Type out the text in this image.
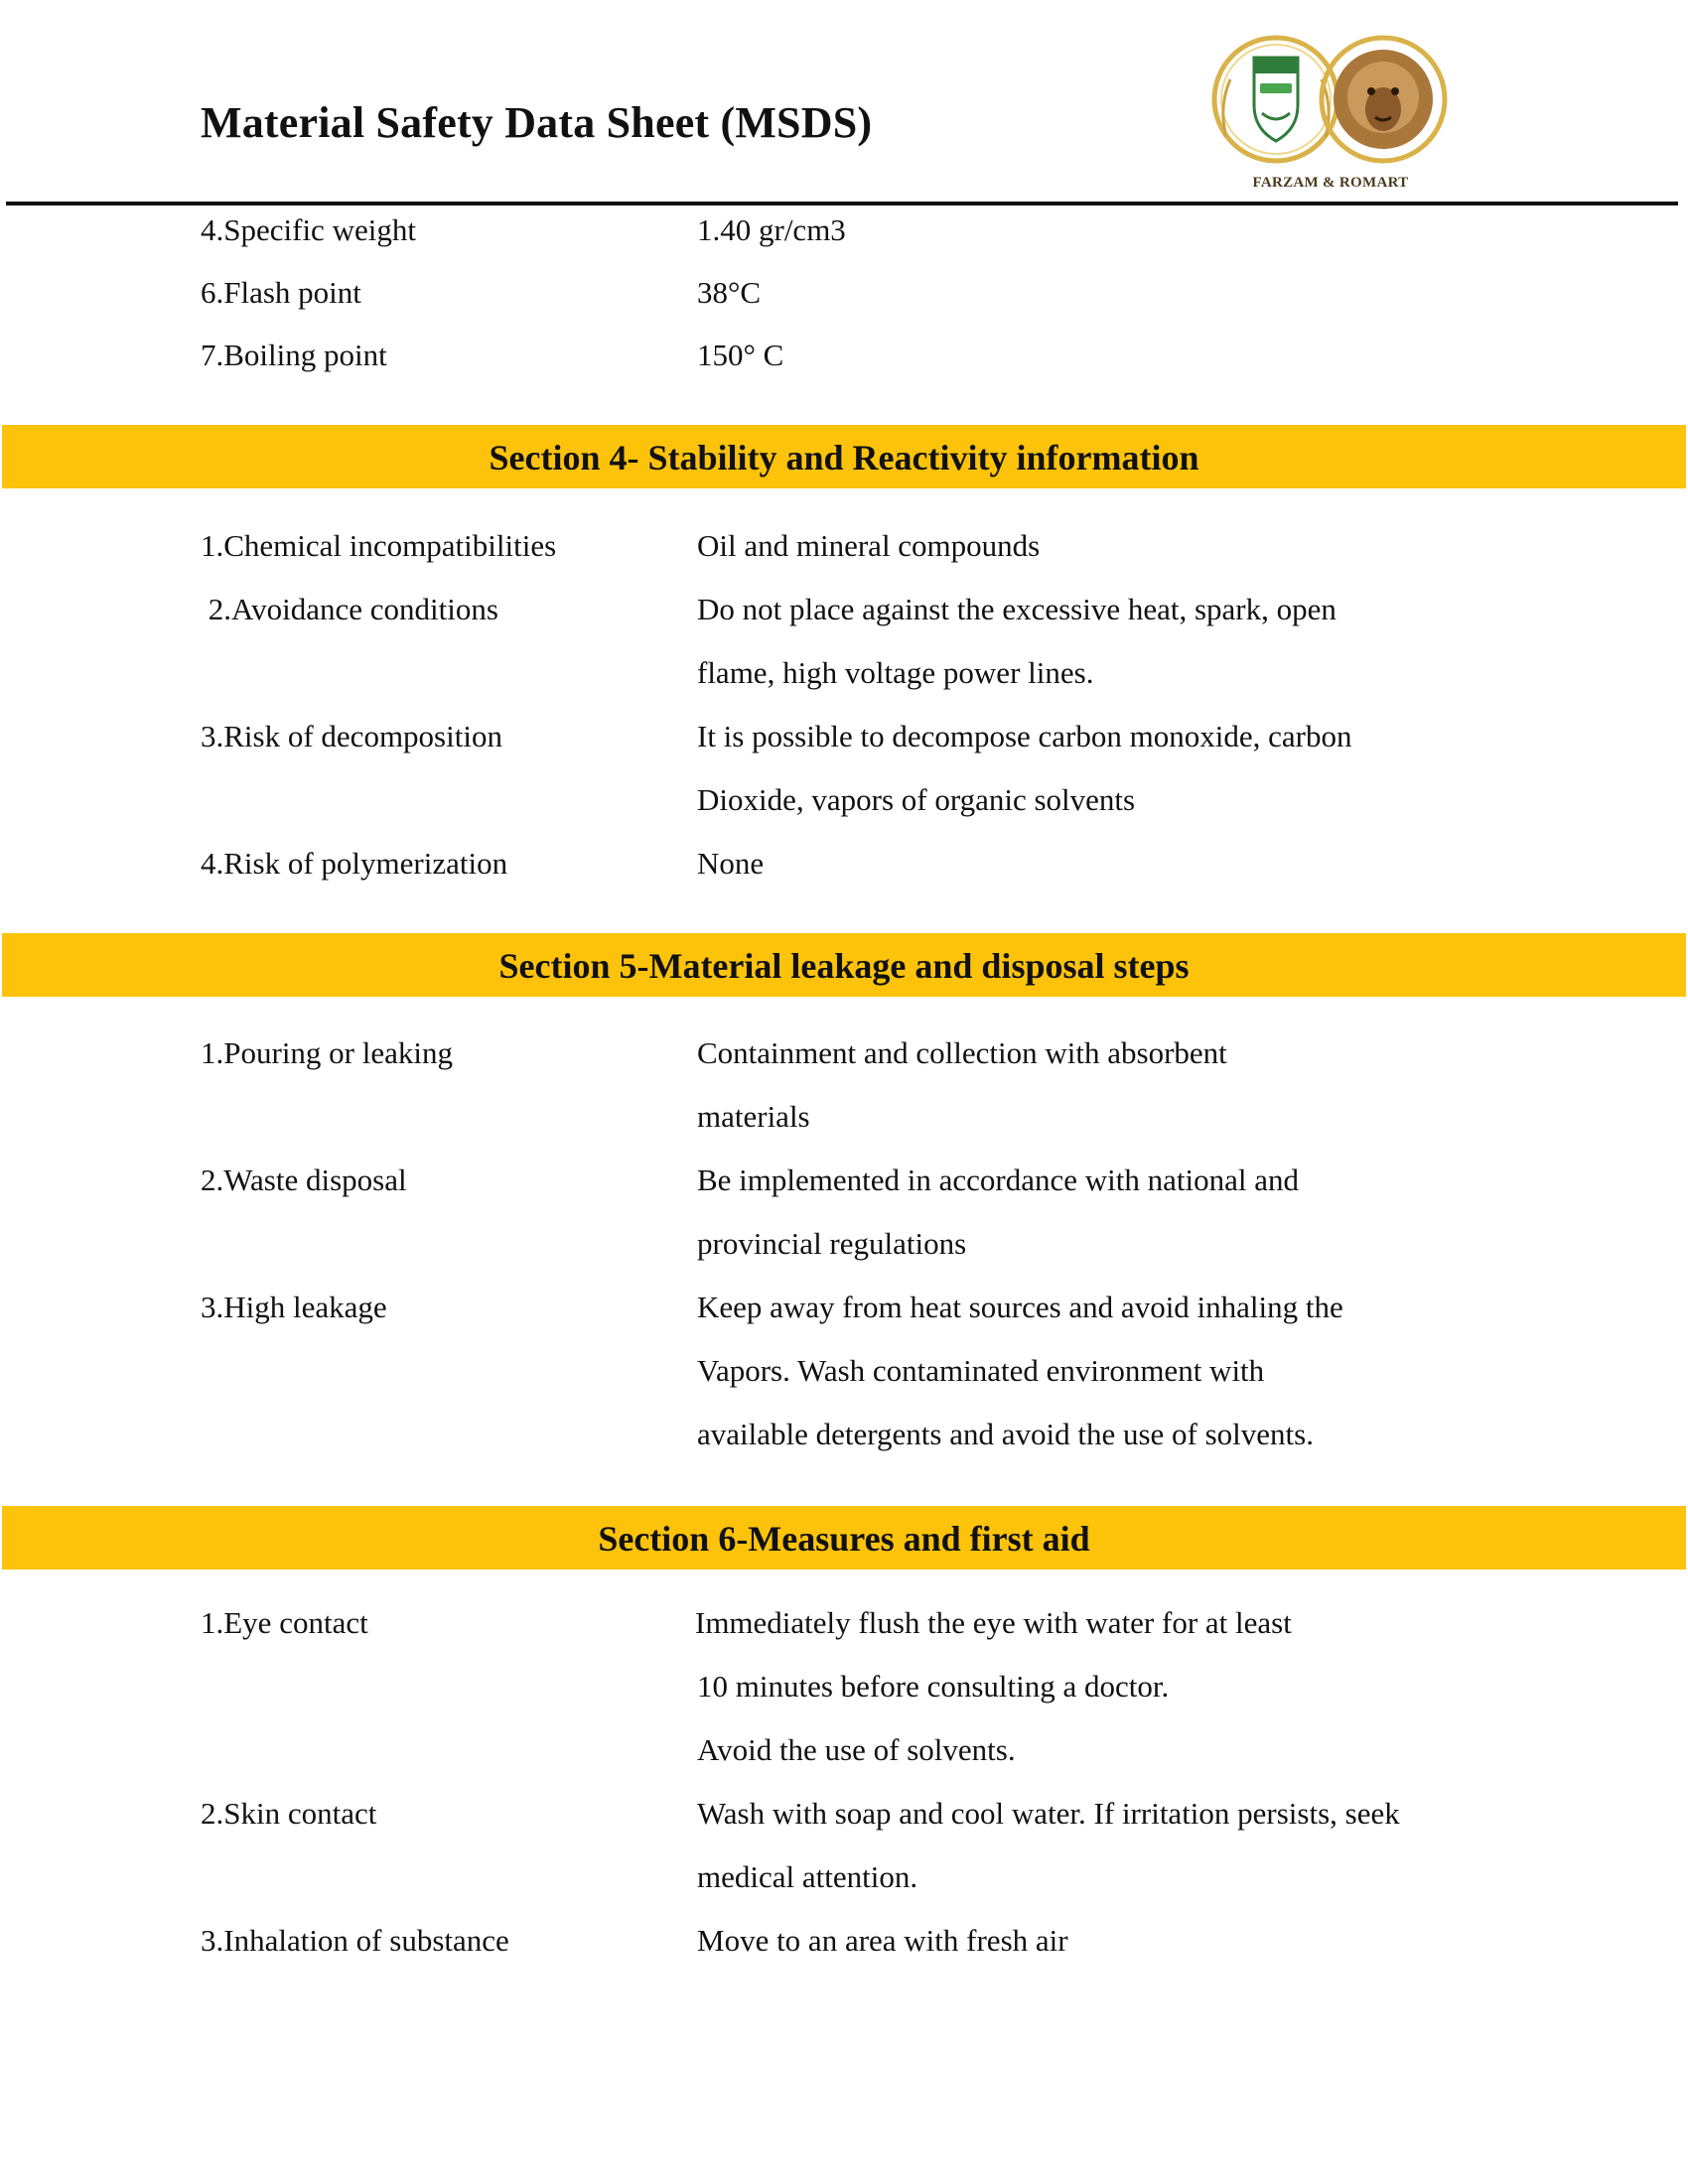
Material Safety Data Sheet (MSDS)
FARZAM & ROMART
4.Specific weight	1.40 gr/cm3
6.Flash point	38°C
7.Boiling point	150° C
Section 4- Stability and Reactivity information
1.Chemical incompatibilities	Oil and mineral compounds
2.Avoidance conditions	Do not place against the excessive heat, spark, open
flame, high voltage power lines.
3.Risk of decomposition	It is possible to decompose carbon monoxide, carbon
Dioxide, vapors of organic solvents
4.Risk of polymerization	None
Section 5-Material leakage and disposal steps
1.Pouring or leaking	Containment and collection with absorbent
materials
2.Waste disposal	Be implemented in accordance with national and
provincial regulations
3.High leakage	Keep away from heat sources and avoid inhaling the
Vapors. Wash contaminated environment with
available detergents and avoid the use of solvents.
Section 6-Measures and first aid
1.Eye contact	Immediately flush the eye with water for at least
10 minutes before consulting a doctor.
Avoid the use of solvents.
2.Skin contact	Wash with soap and cool water. If irritation persists, seek
medical attention.
3.Inhalation of substance	Move to an area with fresh air
